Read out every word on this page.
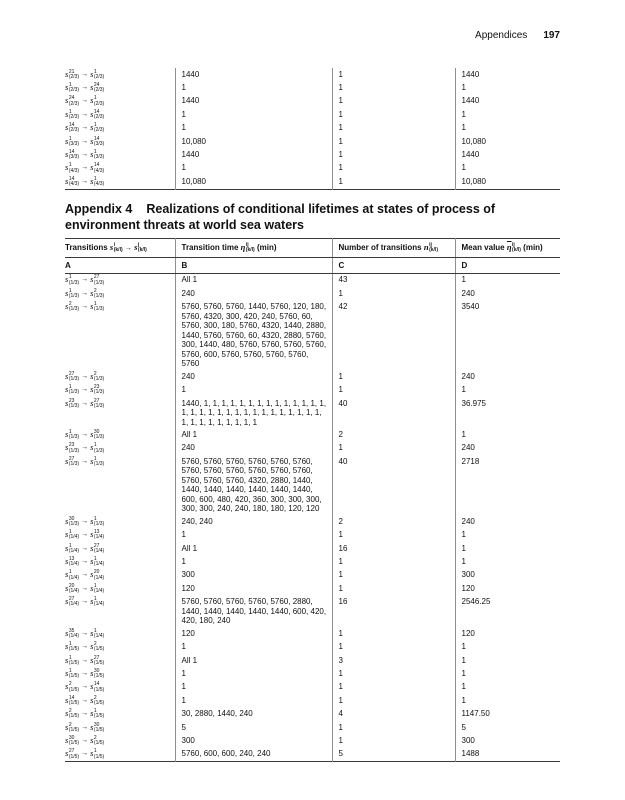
Appendices 197
s 21
(2/3) → s 1
(2/3)	1440	1	1440

s 1
(2/3) → s 24
(2/3)	1	1	1

s 24
(2/3) → s 1
(2/3)	1440	1	1440

s 1
(2/3) → s 14
(2/3)	1	1	1

s 14
(2/3) → s 1
(2/3)	1	1	1

s 1
(3/3) → s 14
(3/3)	10,080	1	10,080

s 14
(3/3) → s 1
(3/3)	1440	1	1440

s 1
(4/3) → s 14
(4/3)	1	1	1

s 14
(4/3) → s 1
(4/3)	10,080	1	10,080
Appendix 4 Realizations of conditional lifetimes at states of process of environment threats at world sea waters
Transitions s i
(k/l) → s j
(k/l)	Transition time η ij
(k/l) (min)	Number of transitions n ij
(k/l)	Mean value $\overline{\eta}$ ij
(k/l) (min)
A	B	C	D

s 1
(1/3) → s 27
(1/3)	All 1	43	1

s 1
(1/3) → s 2
(1/3)	240	1	240

s 2
(1/3) → s 1
(1/3)	5760, 5760, 5760, 1440, 5760, 120, 180, 5760, 4320, 300, 420, 240, 5760, 60, 5760, 300, 180, 5760, 4320, 1440, 2880, 1440, 5760, 5760, 60, 4320, 2880, 5760, 300, 1440, 480, 5760, 5760, 5760, 5760, 5760, 600, 5760, 5760, 5760, 5760, 5760	42	3540

s 27
(1/3) → s 2
(1/3)	240	1	240

s 1
(1/3) → s 23
(1/3)	1	1	1

s 23
(1/3) → s 27
(1/3)	1440, 1, 1, 1, 1, 1, 1, 1, 1, 1, 1, 1, 1, 1, 1, 1, 1, 1, 1, 1, 1, 1, 1, 1, 1, 1, 1, 1, 1, 1, 1, 1, 1, 1, 1, 1, 1, 1, 1, 1	40	36.975

s 1
(1/3) → s 30
(1/3)	All 1	2	1

s 23
(1/3) → s 1
(1/3)	240	1	240

s 27
(1/3) → s 1
(1/3)	5760, 5760, 5760, 5760, 5760, 5760, 5760, 5760, 5760, 5760, 5760, 5760, 5760, 5760, 5760, 4320, 2880, 1440, 1440, 1440, 1440, 1440, 1440, 1440, 600, 600, 480, 420, 360, 300, 300, 300, 300, 300, 240, 240, 180, 180, 120, 120	40	2718

s 30
(1/3) → s 1
(1/3)	240, 240	2	240

s 1
(1/4) → s 13
(1/4)	1	1	1

s 1
(1/4) → s 27
(1/4)	All 1	16	1

s 13
(1/4) → s 1
(1/4)	1	1	1

s 1
(1/4) → s 20
(1/4)	300	1	300

s 20
(1/4) → s 1
(1/4)	120	1	120

s 27
(1/4) → s 1
(1/4)	5760, 5760, 5760, 5760, 5760, 2880, 1440, 1440, 1440, 1440, 1440, 600, 420, 420, 180, 240	16	2546.25

s 35
(1/4) → s 1
(1/4)	120	1	120

s 1
(1/5) → s 2
(1/5)	1	1	1

s 1
(1/5) → s 27
(1/5)	All 1	3	1

s 1
(1/5) → s 30
(1/5)	1	1	1

s 2
(1/5) → s 14
(1/5)	1	1	1

s 14
(1/5) → s 2
(1/5)	1	1	1

s 2
(1/5) → s 1
(1/5)	30, 2880, 1440, 240	4	1147.50

s 2
(1/5) → s 30
(1/5)	5	1	5

s 30
(1/5) → s 2
(1/5)	300	1	300

s 27
(1/5) → s 1
(1/5)	5760, 600, 600, 240, 240	5	1488
